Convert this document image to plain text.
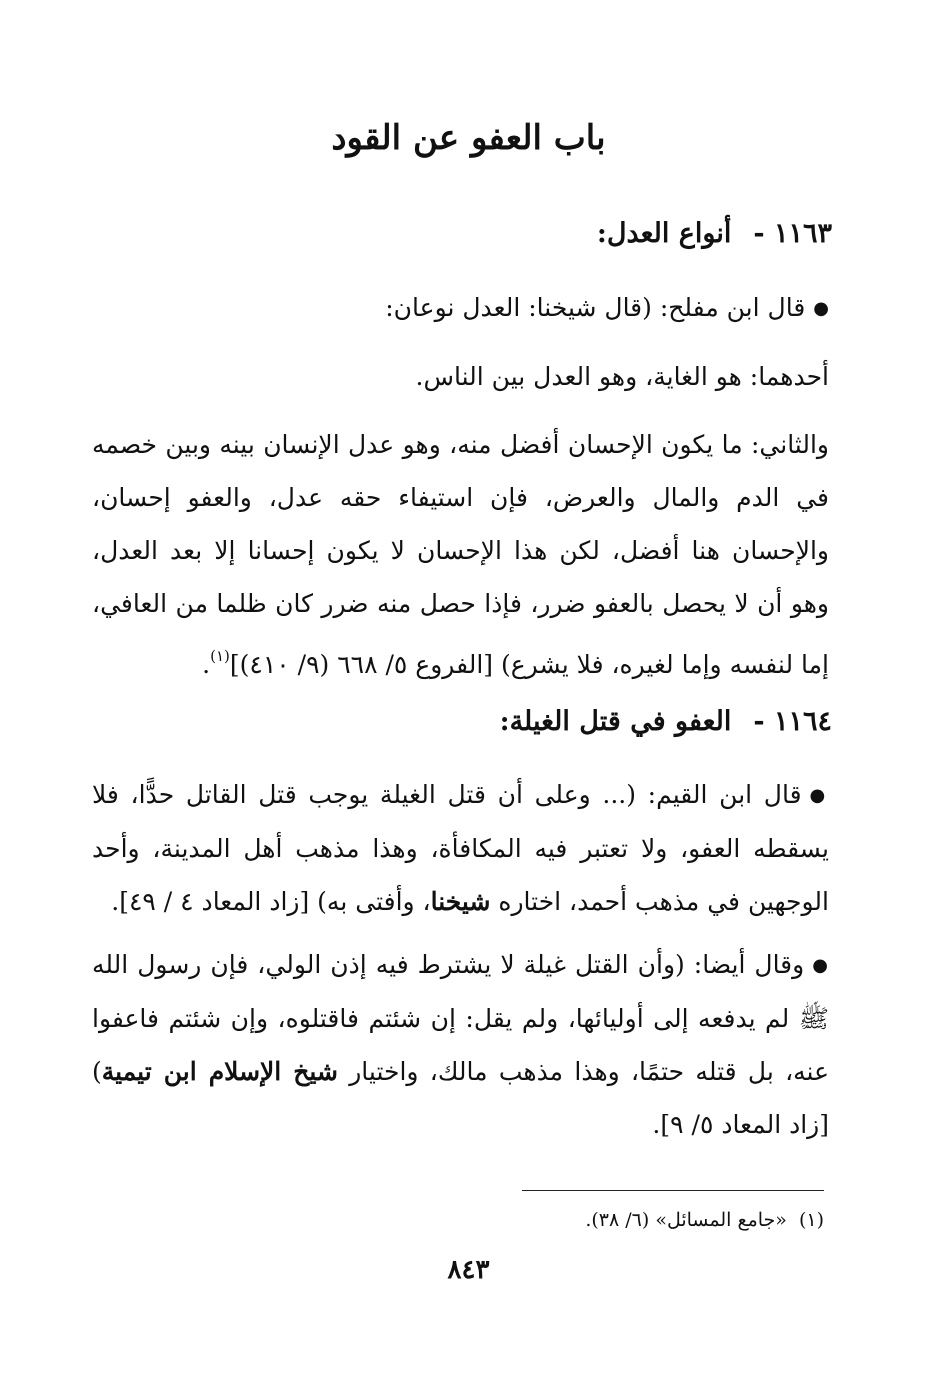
باب العفو عن القود
١١٦٣ -أنواع العدل:
●قال ابن مفلح: (قال شيخنا: العدل نوعان:
أحدهما: هو الغاية، وهو العدل بين الناس.
والثاني: ما يكون الإحسان أفضل منه، وهو عدل الإنسان بينه وبين خصمه في الدم والمال والعرض، فإن استيفاء حقه عدل، والعفو إحسان، والإحسان هنا أفضل، لكن هذا الإحسان لا يكون إحسانا إلا بعد العدل، وهو أن لا يحصل بالعفو ضرر، فإذا حصل منه ضرر كان ظلما من العافي، إما لنفسه وإما لغيره، فلا يشرع) [الفروع ٥/ ٦٦٨ (٩/ ٤١٠)]$^{(١)}$.
١١٦٤ -العفو في قتل الغيلة:
●قال ابن القيم: (... وعلى أن قتل الغيلة يوجب قتل القاتل حدًّا، فلا يسقطه العفو، ولا تعتبر فيه المكافأة، وهذا مذهب أهل المدينة، وأحد الوجهين في مذهب أحمد، اختاره شيخنا، وأفتى به) [زاد المعاد ٤ / ٤٩].
●وقال أيضا: (وأن القتل غيلة لا يشترط فيه إذن الولي، فإن رسول الله ﷺ لم يدفعه إلى أوليائها، ولم يقل: إن شئتم فاقتلوه، وإن شئتم فاعفوا عنه، بل قتله حتمًا، وهذا مذهب مالك، واختيار شيخ الإسلام ابن تيمية) [زاد المعاد ٥/ ٩].
(١)«جامع المسائل» (٦/ ٣٨).
٨٤٣
